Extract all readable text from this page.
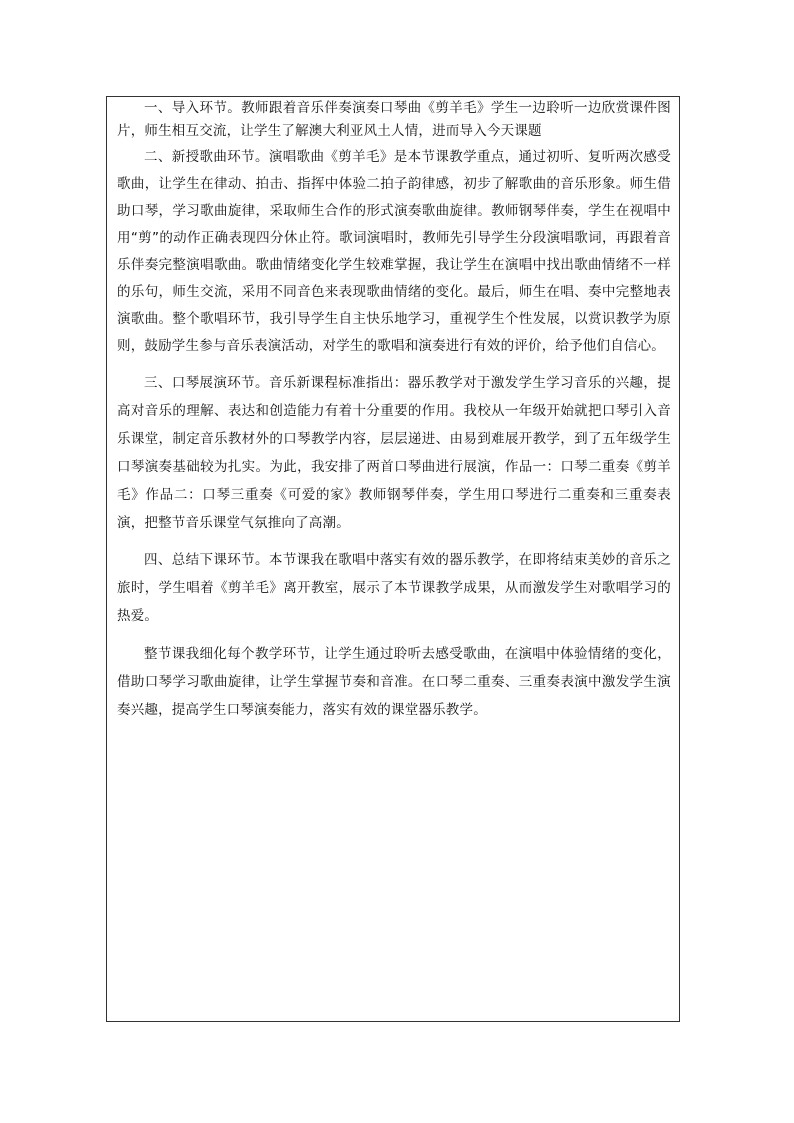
一、导入环节。教师跟着音乐伴奏演奏口琴曲《剪羊毛》学生一边聆听一边欣赏课件图片，师生相互交流，让学生了解澳大利亚风土人情，进而导入今天课题

二、新授歌曲环节。演唱歌曲《剪羊毛》是本节课教学重点，通过初听、复听两次感受歌曲，让学生在律动、拍击、指挥中体验二拍子韵律感，初步了解歌曲的音乐形象。师生借助口琴，学习歌曲旋律，采取师生合作的形式演奏歌曲旋律。教师钢琴伴奏，学生在视唱中用“剪”的动作正确表现四分休止符。歌词演唱时，教师先引导学生分段演唱歌词，再跟着音乐伴奏完整演唱歌曲。歌曲情绪变化学生较难掌握，我让学生在演唱中找出歌曲情绪不一样的乐句，师生交流，采用不同音色来表现歌曲情绪的变化。最后，师生在唱、奏中完整地表演歌曲。整个歌唱环节，我引导学生自主快乐地学习，重视学生个性发展，以赏识教学为原则，鼓励学生参与音乐表演活动，对学生的歌唱和演奏进行有效的评价，给予他们自信心。

三、口琴展演环节。音乐新课程标准指出：器乐教学对于激发学生学习音乐的兴趣，提高对音乐的理解、表达和创造能力有着十分重要的作用。我校从一年级开始就把口琴引入音乐课堂，制定音乐教材外的口琴教学内容，层层递进、由易到难展开教学，到了五年级学生口琴演奏基础较为扎实。为此，我安排了两首口琴曲进行展演，作品一：口琴二重奏《剪羊毛》作品二：口琴三重奏《可爱的家》教师钢琴伴奏，学生用口琴进行二重奏和三重奏表演，把整节音乐课堂气氛推向了高潮。

四、总结下课环节。本节课我在歌唱中落实有效的器乐教学，在即将结束美妙的音乐之旅时，学生唱着《剪羊毛》离开教室，展示了本节课教学成果，从而激发学生对歌唱学习的热爱。

整节课我细化每个教学环节，让学生通过聆听去感受歌曲，在演唱中体验情绪的变化，借助口琴学习歌曲旋律，让学生掌握节奏和音准。在口琴二重奏、三重奏表演中激发学生演奏兴趣，提高学生口琴演奏能力，落实有效的课堂器乐教学。
